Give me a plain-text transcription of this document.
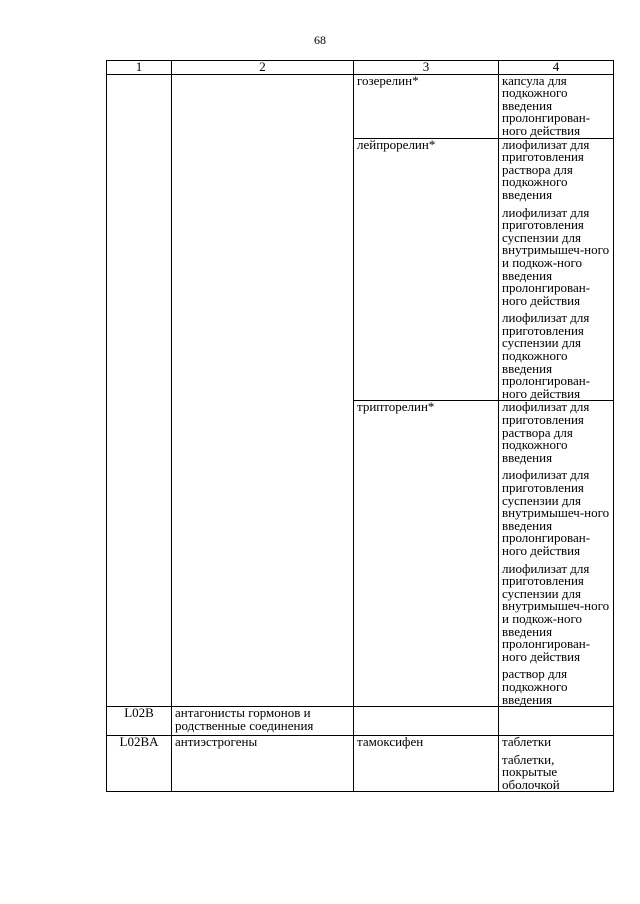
68
1	2	3	4
		гозерелин*	капсула для подкожного введения пролонгирован-ного действия

		лейпрорелин*	лиофилизат для приготовления раствора для подкожного введения
лиофилизат для приготовления суспензии для внутримышеч-ного и подкож-ного введения пролонгирован-ного действия
лиофилизат для приготовления суспензии для подкожного введения пролонгирован-ного действия

		трипторелин*	лиофилизат для приготовления раствора для подкожного введения
лиофилизат для приготовления суспензии для внутримышеч-ного введения пролонгирован-ного действия
лиофилизат для приготовления суспензии для внутримышеч-ного и подкож-ного введения пролонгирован-ного действия
раствор для подкожного введения

L02B	антагонисты гормонов и родственные соединения		
L02BA	антиэстрогены	тамоксифен	таблетки
таблетки, покрытые оболочкой
